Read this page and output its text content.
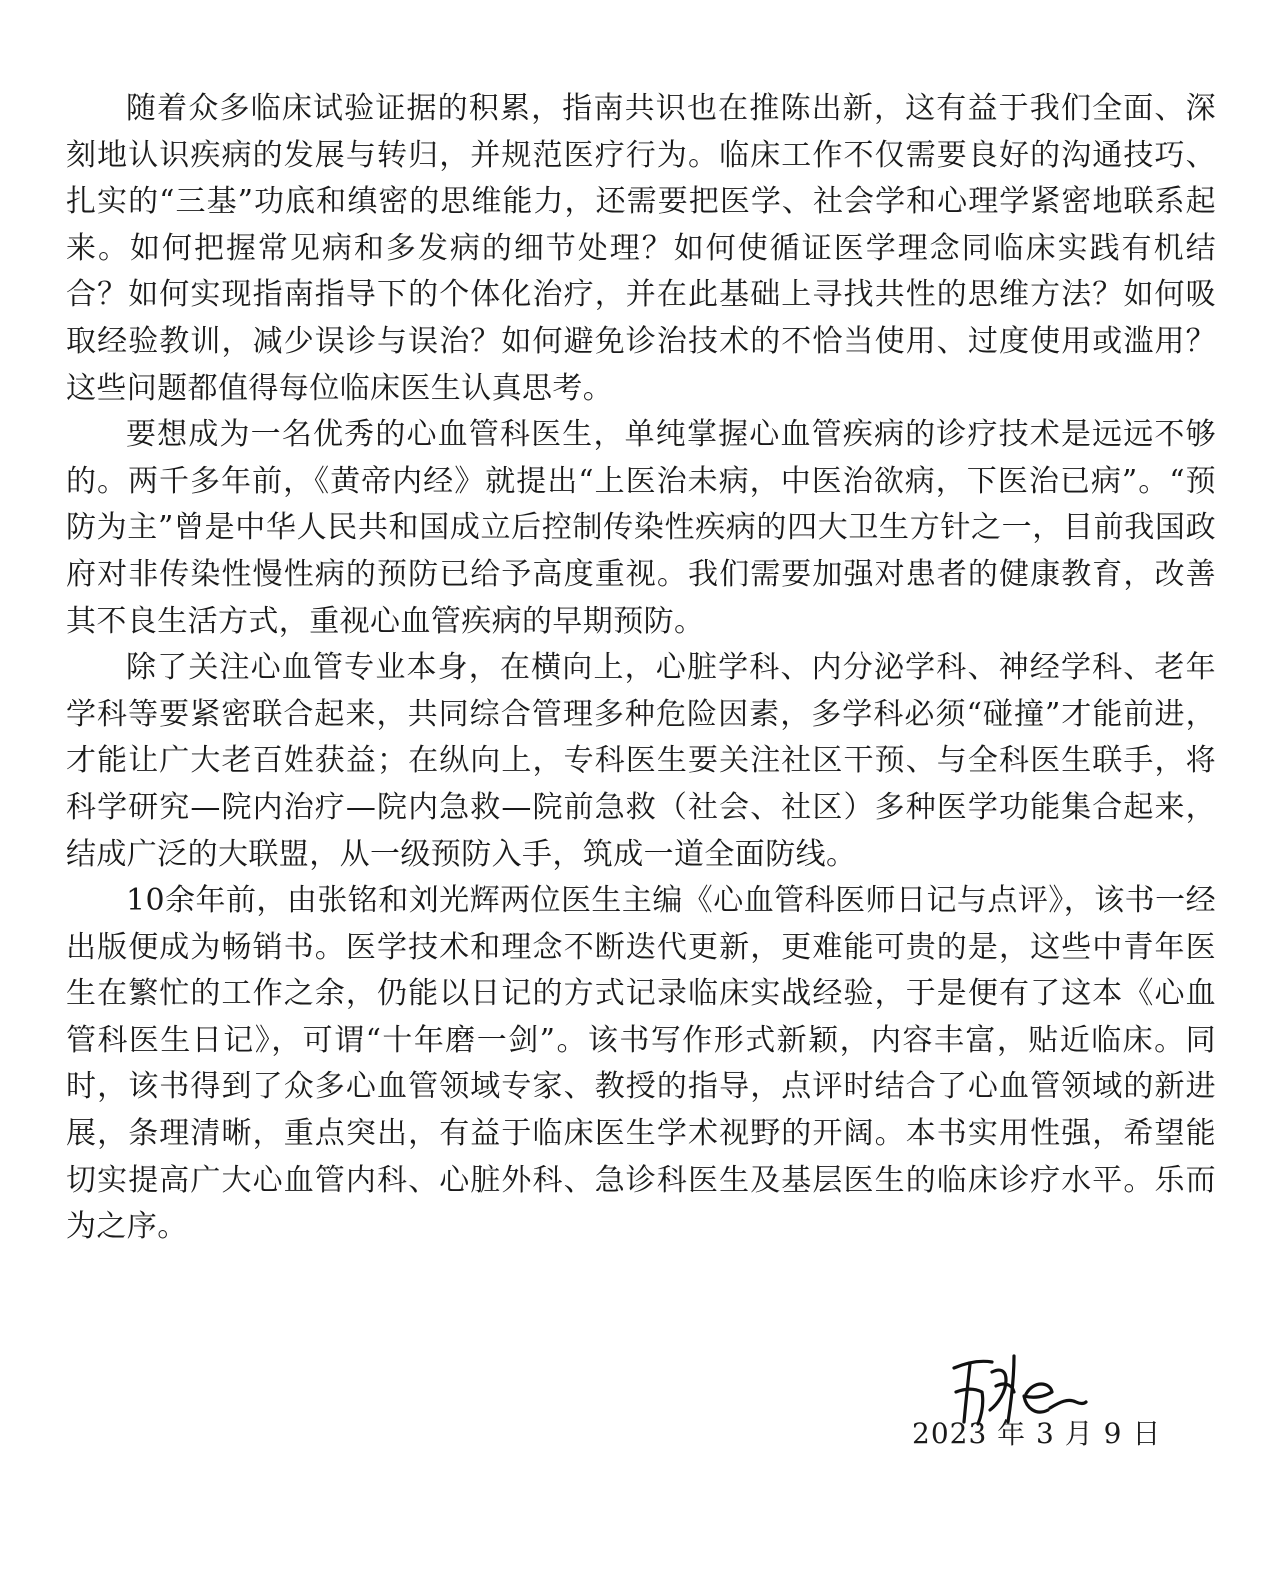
随着众多临床试验证据的积累，指南共识也在推陈出新，这有益于我们全面、深刻地认识疾病的发展与转归，并规范医疗行为。临床工作不仅需要良好的沟通技巧、扎实的“三基”功底和缜密的思维能力，还需要把医学、社会学和心理学紧密地联系起来。如何把握常见病和多发病的细节处理？如何使循证医学理念同临床实践有机结合？如何实现指南指导下的个体化治疗，并在此基础上寻找共性的思维方法？如何吸取经验教训，减少误诊与误治？如何避免诊治技术的不恰当使用、过度使用或滥用？这些问题都值得每位临床医生认真思考。

要想成为一名优秀的心血管科医生，单纯掌握心血管疾病的诊疗技术是远远不够的。两千多年前，《黄帝内经》就提出“上医治未病，中医治欲病，下医治已病”。“预防为主”曾是中华人民共和国成立后控制传染性疾病的四大卫生方针之一，目前我国政府对非传染性慢性病的预防已给予高度重视。我们需要加强对患者的健康教育，改善其不良生活方式，重视心血管疾病的早期预防。

除了关注心血管专业本身，在横向上，心脏学科、内分泌学科、神经学科、老年学科等要紧密联合起来，共同综合管理多种危险因素，多学科必须“碰撞”才能前进，才能让广大老百姓获益；在纵向上，专科医生要关注社区干预、与全科医生联手，将科学研究—院内治疗—院内急救—院前急救（社会、社区）多种医学功能集合起来，结成广泛的大联盟，从一级预防入手，筑成一道全面防线。

10余年前，由张铭和刘光辉两位医生主编《心血管科医师日记与点评》，该书一经出版便成为畅销书。医学技术和理念不断迭代更新，更难能可贵的是，这些中青年医生在繁忙的工作之余，仍能以日记的方式记录临床实战经验，于是便有了这本《心血管科医生日记》，可谓“十年磨一剑”。该书写作形式新颖，内容丰富，贴近临床。同时，该书得到了众多心血管领域专家、教授的指导，点评时结合了心血管领域的新进展，条理清晰，重点突出，有益于临床医生学术视野的开阔。本书实用性强，希望能切实提高广大心血管内科、心脏外科、急诊科医生及基层医生的临床诊疗水平。乐而为之序。

2023 年 3 月 9 日
